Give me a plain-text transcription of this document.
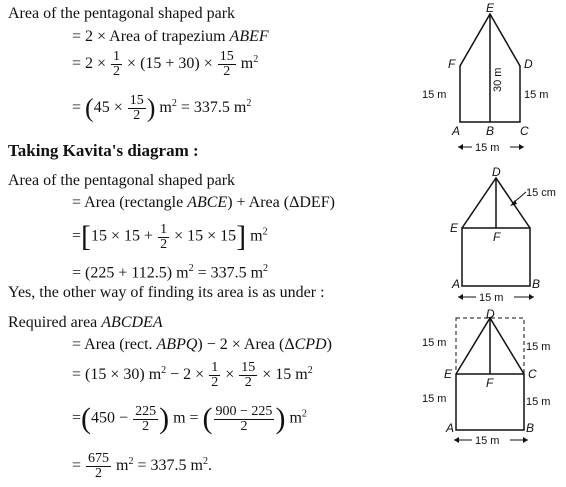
Area of the pentagonal shaped park
= 2 × Area of trapezium ABEF
= $2 \times \frac{1}{2} \times (15 + 30) \times \frac{15}{2} m^2$
= ($45 \times \frac{15}{2}$ ) $m^2 = 337.5$ $m^2$
Taking Kavita's diagram :
Area of the pentagonal shaped park
= Area (rectangle ABCE) + Area (ΔDEF)
$=[15 \times 15 + \frac{1}{2} \times 15 \times 15]$ $m^2$
= (225 + 112.5) $m^2 = 337.5$ $m^2$
Yes, the other way of finding its area is as under :
Required area ABCDEA
= Area (rect. ABPQ) − 2 × Area (ΔCPD)
= (15 × 30) $m^2 - 2 \times \frac{1}{2} \times \frac{15}{2} \times 15$ $m^2$
$=(450 - \frac{225}{2}$ ) m = ( $\frac{900 - 225}{2}$ ) $m^2$
= $\frac{675}{2} m^2 = 337.5$ $m^2$.
E
F	D
A B C
15 m	15 m
30 m
15 m
D
E
F
A	B
15 cm
15 m
D
E
F
C
A	B
15 m	15 m
15 m	15 m
15 m
